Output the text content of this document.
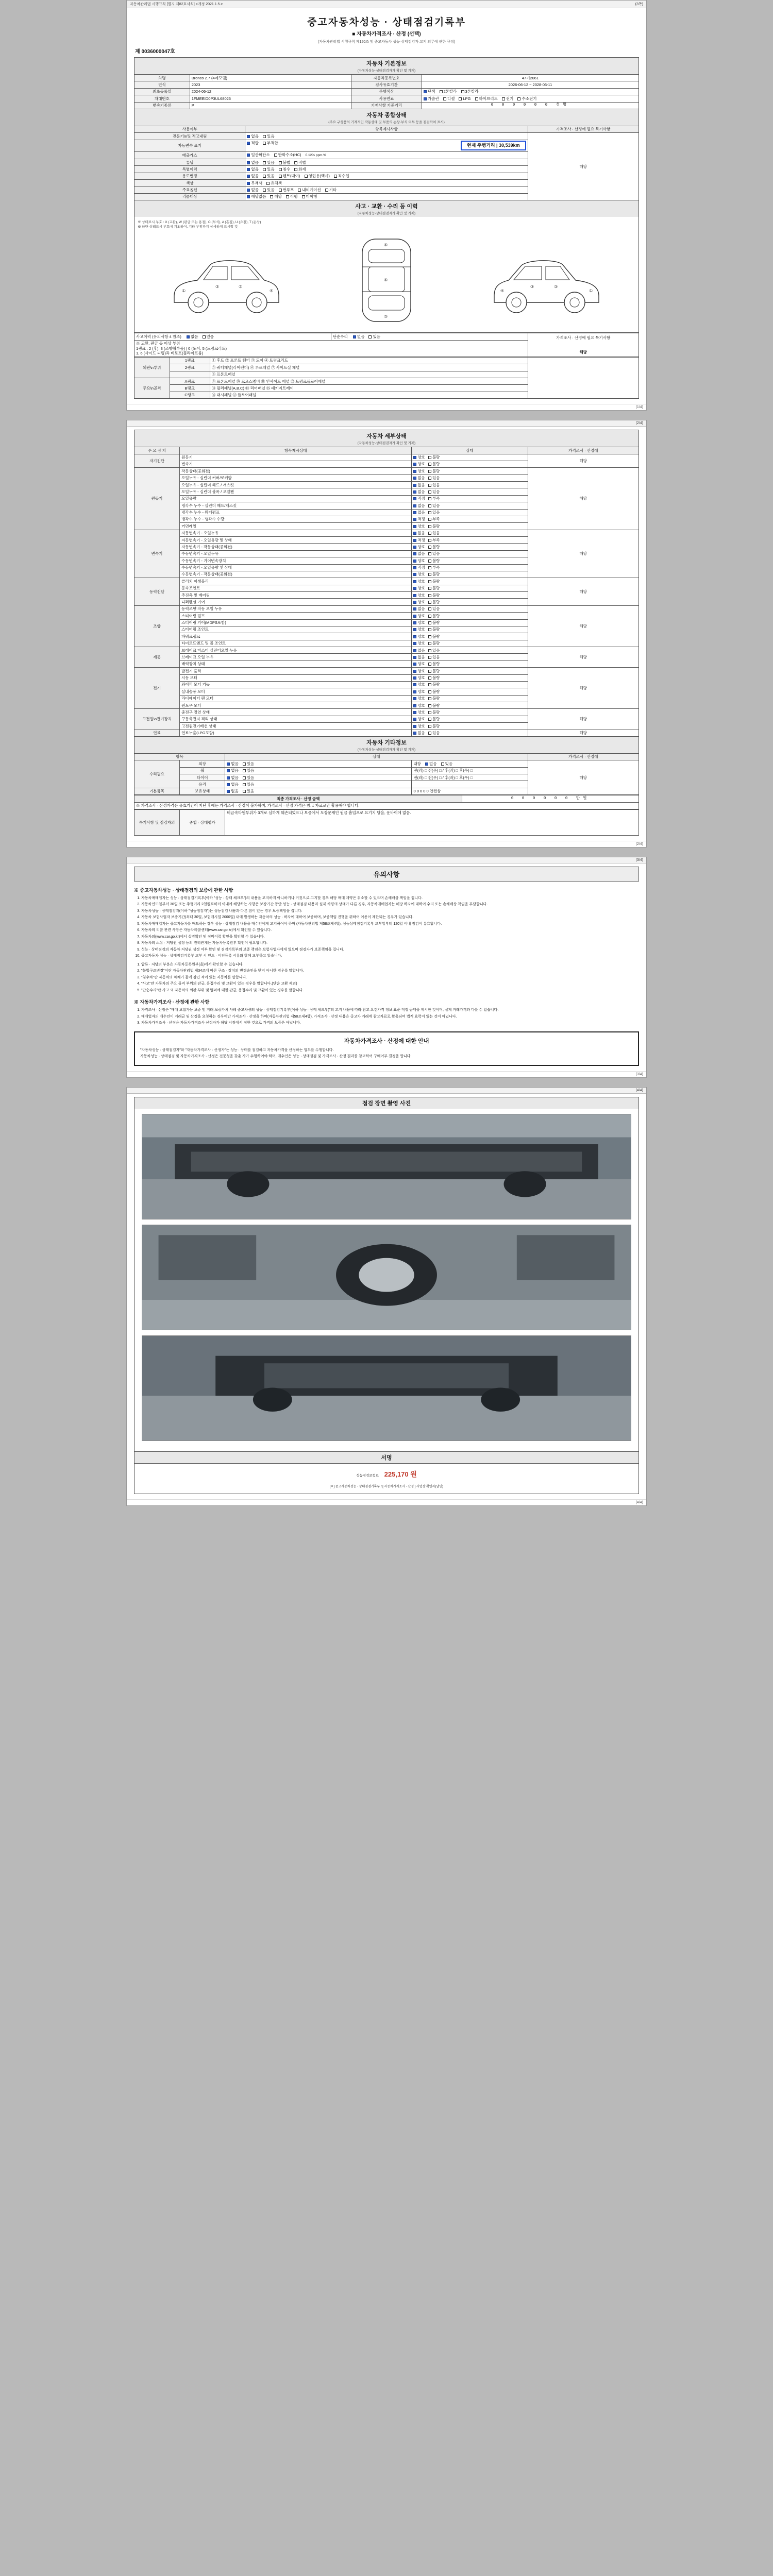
자동차관리법 시행규칙 [별지 제82호서식] <개정 2021.1.5.>	(3쪽)
중고자동차성능 · 상태점검기록부
■ 자동차가격조사 · 산정 (선택)
(자동차관리법 시행규칙 제120조 및 중고자동차 성능·상태점검자 고지 의무에 관한 규정)
제 0036000047호
자동차 기본정보
(자동차성능·상태점검자가 확인 및 기재)
차명	Bronco 2.7 (4메모델)	자동차등록번호	47기2061
연식	2023	검사유효기간	2026-06-12 ~ 2028-06-11
최초등록일	2024-06-12	주행색상	단색 2톤칼라 3톤칼라
차대번호	1FMEEID0P3UL68026	사용연료	가솔린 디젤 LPG 하이브리드 전기 수소전기
변속기종류	P	기재사항 기준거리	0 0 0 0 0 0 성명
자동차 종합상태
(주요 구성품의 기계적인 작동상태 및 부품의 손상·부식 여부 등을 점검하여 표시)
사용여부	항목제시사항	가격조사 · 산정에 필요 특기사항
전동기\n및 적고내림	없음 있음	해당
자동변속 표기	적합 부적합 현재 주행거리 | 30,539km	

배출가스	일산화탄소 탄화수소(HC) 0.12% ppm %	
튜닝	없음 있음 불법 적법	
특별이력	없음 있음 침수 화재	
용도변경	없음 있음 렌트(대여) 영업용(택시) 직수입	
색상	무채색 유채색	
주요옵션	없음 있음 썬루프 내비게이션 기타	
리콜대상	해당없음 해당 이행 미이행	
사고 · 교환 · 수리 등 이력
(자동차성능·상태점검자가 확인 및 기재)
※ 상태표시 부호 : X (교환), W (판금 또는 용접), C (부식), A (흠집), U (요철), T (손상)
※ 하단 상태표시 부호에 기초하여, 기타 부위까지 상세하게 표시할 것
①
③	③
④
⑥
⑥
⑤
①
③
③
④
사고이력 (유의사항 4 참조) 없음 있음	단순수리 없음 있음	가격조사 · 산정에 필요 특기사항
해당

※ 교환, 판금 등 이상 부위
1랭크 : 2 (후), 3 (조향휠부품) | 0 (도어, 5 (트렁크리드)
1, 6 (사이드 씨링)과 비로프(플라이프룸)
외판\n부위	1랭크	① 후드 ② 프론트 휀더 ③ 도어 ④ 트렁크리드	
	2랭크	⑤ 쿼터패널(리어펜더) ⑥ 루프패널 ⑦ 사이드실 패널	
		⑧ 프론트패널	
주요\n골격	A랭크	⑨ 프론트패널 ⑩ 크로스멤버 ⑪ 인사이드 패널 ⑫ 트렁크플로어패널	
	B랭크	⑬ 필러패널(A,B,C) ⑭ 리어패널 ⑮ 패키지트레이	
	C랭크	⑯ 대시패널 ⑰ 플로어패널	
(1/4)
(2/4)
자동차 세부상태
(자동차성능·상태점검자가 확인 및 기재)
주 요 장 치	항목제시상태	상태	가격조사 · 산정에
자기진단	원동기	양호 불량	해당
	변속기	양호 불량	
원동기	작동상태(공회전)	양호 불량	해당
	오일누유 - 실린더 커버/로커암	없음 있음	
	오일누유 - 실린더 헤드 / 개스킷	없음 있음	
	오일누유 - 실린더 블록 / 오일팬	없음 있음	
	오일유량	적정 부족	
	냉각수 누수 - 실린더 헤드/개스킷	없음 있음	
	냉각수 누수 - 워터펌프	없음 있음	
	냉각수 누수 - 냉각수 수량	적정 부족	
	커먼레일	양호 불량	
변속기	자동변속기 - 오일누유	없음 있음	해당
	자동변속기 - 오일유량 및 상태	적정 부족	
	자동변속기 - 작동상태(공회전)	양호 불량	
	수동변속기 - 오일누유	없음 있음	
	수동변속기 - 기어변속장치	양호 불량	
	수동변속기 - 오일유량 및 상태	적정 부족	
	수동변속기 - 작동상태(공회전)	양호 불량	
동력전달	클러치 어셈블리	양호 불량	해당
	등속조인트	양호 불량	
	추진축 및 베어링	양호 불량	
	디퍼렌셜 기어	양호 불량	
조향	동력조향 작동 오일 누유	없음 있음	해당
	스티어링 펌프	양호 불량	
	스티어링 기어(MDPS포함)	양호 불량	
	스티어링 조인트	양호 불량	
	파워크랭크	양호 불량	
	타이로드엔드 및 볼 조인트	양호 불량	
제동	브레이크 마스터 실린더오일 누유	없음 있음	해당
	브레이크 오일 누유	없음 있음	
	배력장치 상태	양호 불량	
전기	발전기 출력	양호 불량	해당
	시동 모터	양호 불량	
	와이퍼 모터 기능	양호 불량	
	실내송풍 모터	양호 불량	
	라디에이터 팬 모터	양호 불량	
	윈도우 모터	양호 불량	
고전원\n전기장치	충전구 절연 상태	양호 불량	해당
	구동축전지 격리 상태	양호 불량	
	고전원전기배선 상태	양호 불량	
연료	연료누출(LPG포함)	없음 있음	해당
자동차 기타정보
(자동차성능·상태점검자가 확인 및 기재)
항목		상태		가격조사 · 산정에
수리필요	외장	없음 있음	내장 없음 있음	해당
	휠	없음 있음	전(좌) □ 전(우) □ / 후(좌) □ 후(우) □	
	타이어	없음 있음	전(좌) □ 전(우) □ / 후(좌) □ 후(우) □	
	유리	없음 있음		
기본품목	보유상태	없음 있음	0 0 0 0 0 안전삼	
최종 가격조사 · 산정 금액	0 0 0 0 0 0 만원
※ 가격조사 · 산정가격은 유효기간이 지난 후에는 가격조사 · 산정이 불가하며, 가격조사 · 산정 가격은 참고 자료로만 활용해야 합니다.
특기사항 및 점검자의	종합 · 상태평가	비금속타원부위가 3개로 심하게 훼손되었으나 보증에서 도장문제인 원금 흡입으로 요기지 당을, 운바이에 없음.
(2/4)
(3/4)
유의사항
※ 중고자동차성능 · 상태점검의 보증에 관한 사항
1. 자동차매매업자는 성능 · 상태점검기록부(이하 "성능 · 상태 체크부")의 내용을 고지하지 아니하거나 거짓으로 고지할 경우 해당 매매 계약은 취소할 수 있으며 손해배상 책임을 집니다.
2. 자동차인도일부터 30일 또는 주행거리 2천킬로미터 이내에 해당하는 사항은 보장기간 동안 성능 · 상태점검 내용과 실제 차량의 상태가 다른 경우, 자동차매매업자는 해당 하자에 대하여 수리 또는 손해배상 책임을 부담합니다.
3. 자동차성능 · 상태점검자(이하 "성능점검자")는 성능점검 내용과 다른 점이 있는 경우 보증책임을 집니다.
4. 자동차 보험사업자 보증기간(최대 30일, 보험개시일 2000일) 내에 발생하는 자동차의 성능 · 하자에 대하여 보증하며, 보증책임 진행을 위하여 이용이 제한되는 경우가 있습니다.
5. 자동차매매업자는 중고자동차를 매도하는 경우 성능 · 상태점검 내용을 매수인에게 고지하여야 하며 (자동차관리법 제58조제4항), 성능상태점검기록부 교부일부터 120일 이내 점검이 유효합니다.
6. 자동차의 리콜 관련 사항은 자동차리콜센터(www.car.go.kr)에서 확인할 수 있습니다.
7. 자동차의(www.car.go.kr)에서 실명확인 및 정비이력 확인을 확인할 수 있습니다.
8. 자동차의 소유 · 저당권 설정 등의 권리관계는 자동차등록원부 확인이 필요합니다.
9. 성능 · 상태점검의 자동차 저당권 설정 여부 확인 및 점검기록부의 보증 책임은 보험사업자에게 있으며 점검자가 보증책임을 집니다.
10. 중고자동차 성능 · 상태점검기록부 교부 시 인도 · 이전등록 서류와 함께 교부하고 있습니다.
1. 압류 · 저당의 부분은 자동차등록원부(을)에서 확인할 수 있습니다.
2. "불법구조변경"이란 자동차관리법 제34조에 따른 구조 · 장치의 변경승인을 받지 아니한 경우를 말합니다.
3. "침수차"란 자동차의 차체가 물에 잠긴 적이 있는 자동차를 말합니다.
4. "사고"란 자동차의 주요 골격 부위의 판금, 용접수리 및 교환이 있는 경우를 말합니다.(단순 교환 제외)
5. "단순수리"란 사고 외 자동차의 외판 부위 및 범퍼에 대한 판금, 용접수리 및 교환이 있는 경우를 말합니다.
※ 자동차가격조사 · 산정에 관한 사항
1. 가격조사 · 산정은 "매매 보험가능 보증 및 거래 보증가치 사례 중고차량의 성능 · 상태점검기록부(이하 성능 · 상태 체크부)"의 고지 내용에 따라 참고 요건가격 정보 표준 적정 금액을 제시한 것이며, 실제 거래가격과 다를 수 있습니다.
2. 매매업자의 매수인이 거래금 및 산정을 요청하는 경우에만 가격조사 · 산정을 하며(자동차관리법 제58조제4항), 가격조사 · 산정 내용은 중고차 거래에 참고자료로 활용되며 법적 효력이 있는 것이 아닙니다.
3. 자동차가격조사 · 산정은 자동차가격조사 산정자가 해당 시점에서 정한 것으로 가격의 보증은 아닙니다.
자동차가격조사 · 산정에 대한 안내

"자동차성능 · 상태점검자"와 "자동차가격조사 · 산정자"는 성능 · 상태를 점검하고 자동차가격을 산정하는 업무를 수행합니다.

자동차성능 · 상태점검 및 자동차가격조사 · 산정은 전문성을 갖춘 자가 수행하여야 하며, 매수인은 성능 · 상태점검 및 가격조사 · 산정 결과를 참고하여 구매여부 결정을 합니다.

(3/4)
(4/4)
점검 장면 촬영 사진
서명
성능점검보험료 225,170 원
[ㅇ] 중고자동차성능 · 상태점검기록부 / [ 자동차가격조사 · 산정 ] 사업장 확인자(날인)
(4/4)
